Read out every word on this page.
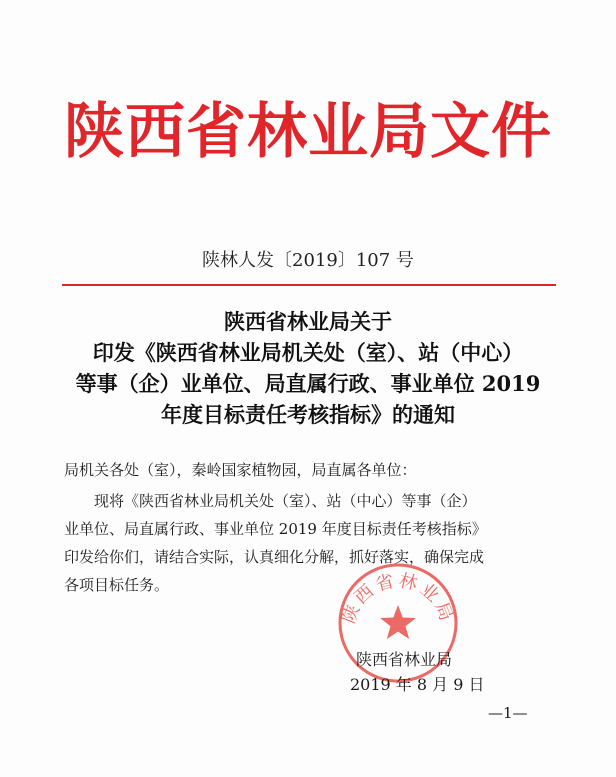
陕西省林业局文件
陕林人发〔2019〕107 号
陕西省林业局关于
印发《陕西省林业局机关处（室）、站（中心）
等事（企）业单位、局直属行政、事业单位 2019
年度目标责任考核指标》的通知
局机关各处（室），秦岭国家植物园，局直属各单位：
现将《陕西省林业局机关处（室）、站（中心）等事（企）
业单位、局直属行政、事业单位 2019 年度目标责任考核指标》
印发给你们，请结合实际，认真细化分解，抓好落实，确保完成
各项目标任务。
陕西省林业局
陕西省林业局
2019 年 8 月 9 日
—1—
